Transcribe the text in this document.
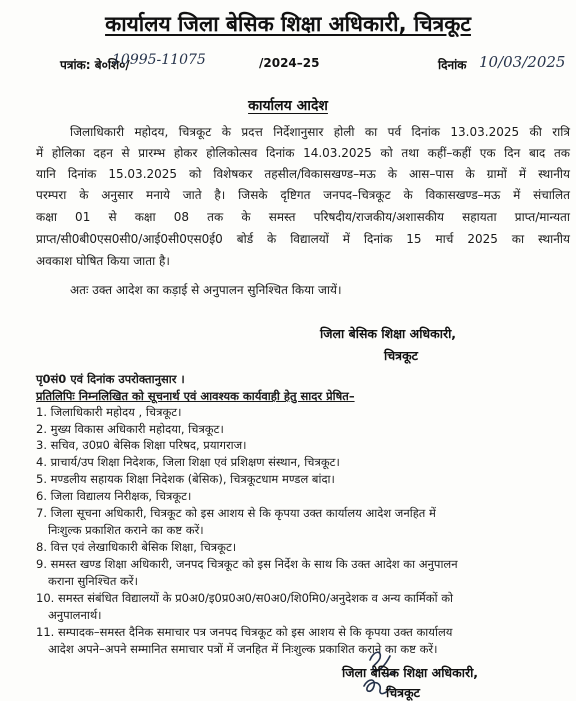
कार्यालय जिला बेसिक शिक्षा अधिकारी, चित्रकूट
पत्रांक: बे०शि०/
10995-11075	/2024–25	दिनांक 10/03/2025
कार्यालय आदेश
जिलाधिकारी महोदय, चित्रकूट के प्रदत्त निर्देशानुसार होली का पर्व दिनांक 13.03.2025 की रात्रि
में होलिका दहन से प्रारम्भ होकर होलिकोत्सव दिनांक 14.03.2025 को तथा कहीं–कहीं एक दिन बाद तक
यानि दिनांक 15.03.2025 को विशेषकर तहसील/विकासखण्ड–मऊ के आस–पास के ग्रामों में स्थानीय
परम्परा के अनुसार मनाये जाते है। जिसके दृष्टिगत जनपद–चित्रकूट के विकासखण्ड–मऊ में संचालित
कक्षा 01 से कक्षा 08 तक के समस्त परिषदीय/राजकीय/अशासकीय सहायता प्राप्त/मान्यता
प्राप्त/सी0बी0एस0सी0/आई0सी0एस0ई0 बोर्ड के विद्यालयों में दिनांक 15 मार्च 2025 का स्थानीय
अवकाश घोषित किया जाता है।
अतः उक्त आदेश का कड़ाई से अनुपालन सुनिश्चित किया जायें।
जिला बेसिक शिक्षा अधिकारी,
चित्रकूट
पृ0सं0 एवं दिनांक उपरोक्तानुसार ।
प्रतिलिपिः निम्नलिखित को सूचनार्थ एवं आवश्यक कार्यवाही हेतु सादर प्रेषित–
1. जिलाधिकारी महोदय , चित्रकूट।
2. मुख्य विकास अधिकारी महोदया, चित्रकूट।
3. सचिव, उ0प्र0 बेसिक शिक्षा परिषद, प्रयागराज।
4. प्राचार्य/उप शिक्षा निदेशक, जिला शिक्षा एवं प्रशिक्षण संस्थान, चित्रकूट।
5. मण्डलीय सहायक शिक्षा निदेशक (बेसिक), चित्रकूटधाम मण्डल बांदा।
6. जिला विद्यालय निरीक्षक, चित्रकूट।
7. जिला सूचना अधिकारी, चित्रकूट को इस आशय से कि कृपया उक्त कार्यालय आदेश जनहित में
निःशुल्क प्रकाशित कराने का कष्ट करें।
8. वित्त एवं लेखाधिकारी बेसिक शिक्षा, चित्रकूट।
9. समस्त खण्ड शिक्षा अधिकारी, जनपद चित्रकूट को इस निर्देश के साथ कि उक्त आदेश का अनुपालन
कराना सुनिश्चित करें।
10. समस्त संबंधित विद्यालयों के प्र0अ0/इ0प्र0अ0/स0अ0/शि0मि0/अनुदेशक व अन्य कार्मिकों को
अनुपालनार्थ।
11. सम्पादक–समस्त दैनिक समाचार पत्र जनपद चित्रकूट को इस आशय से कि कृपया उक्त कार्यालय
आदेश अपने–अपने सम्मानित समाचार पत्रों में जनहित में निःशुल्क प्रकाशित कराने का कष्ट करें।
जिला बेसिक शिक्षा अधिकारी,
चित्रकूट
